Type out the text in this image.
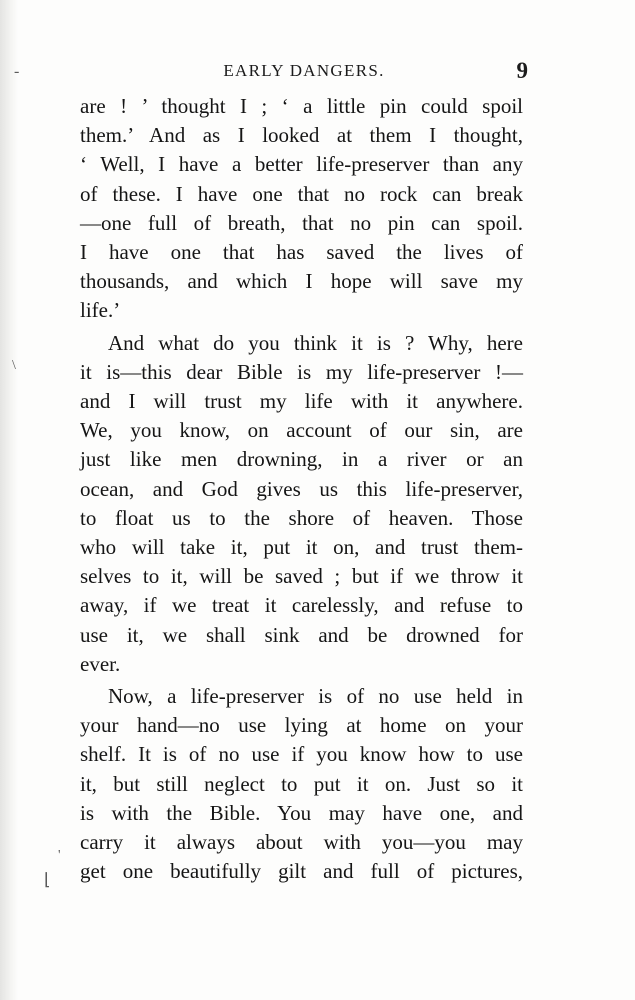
-
\
'
⌊
EARLY DANGERS.	9

are ! ’ thought I ; ‘ a little pin could spoil
them.’ And as I looked at them I thought,
‘ Well, I have a better life-preserver than any
of these. I have one that no rock can break
—one full of breath, that no pin can spoil.
I have one that has saved the lives of
thousands, and which I hope will save my
life.’

And what do you think it is ? Why, here
it is—this dear Bible is my life-preserver !—
and I will trust my life with it anywhere.
We, you know, on account of our sin, are
just like men drowning, in a river or an
ocean, and God gives us this life-preserver,
to float us to the shore of heaven. Those
who will take it, put it on, and trust them-
selves to it, will be saved ; but if we throw it
away, if we treat it carelessly, and refuse to
use it, we shall sink and be drowned for
ever.

Now, a life-preserver is of no use held in
your hand—no use lying at home on your
shelf. It is of no use if you know how to use
it, but still neglect to put it on. Just so it
is with the Bible. You may have one, and
carry it always about with you—you may
get one beautifully gilt and full of pictures,
